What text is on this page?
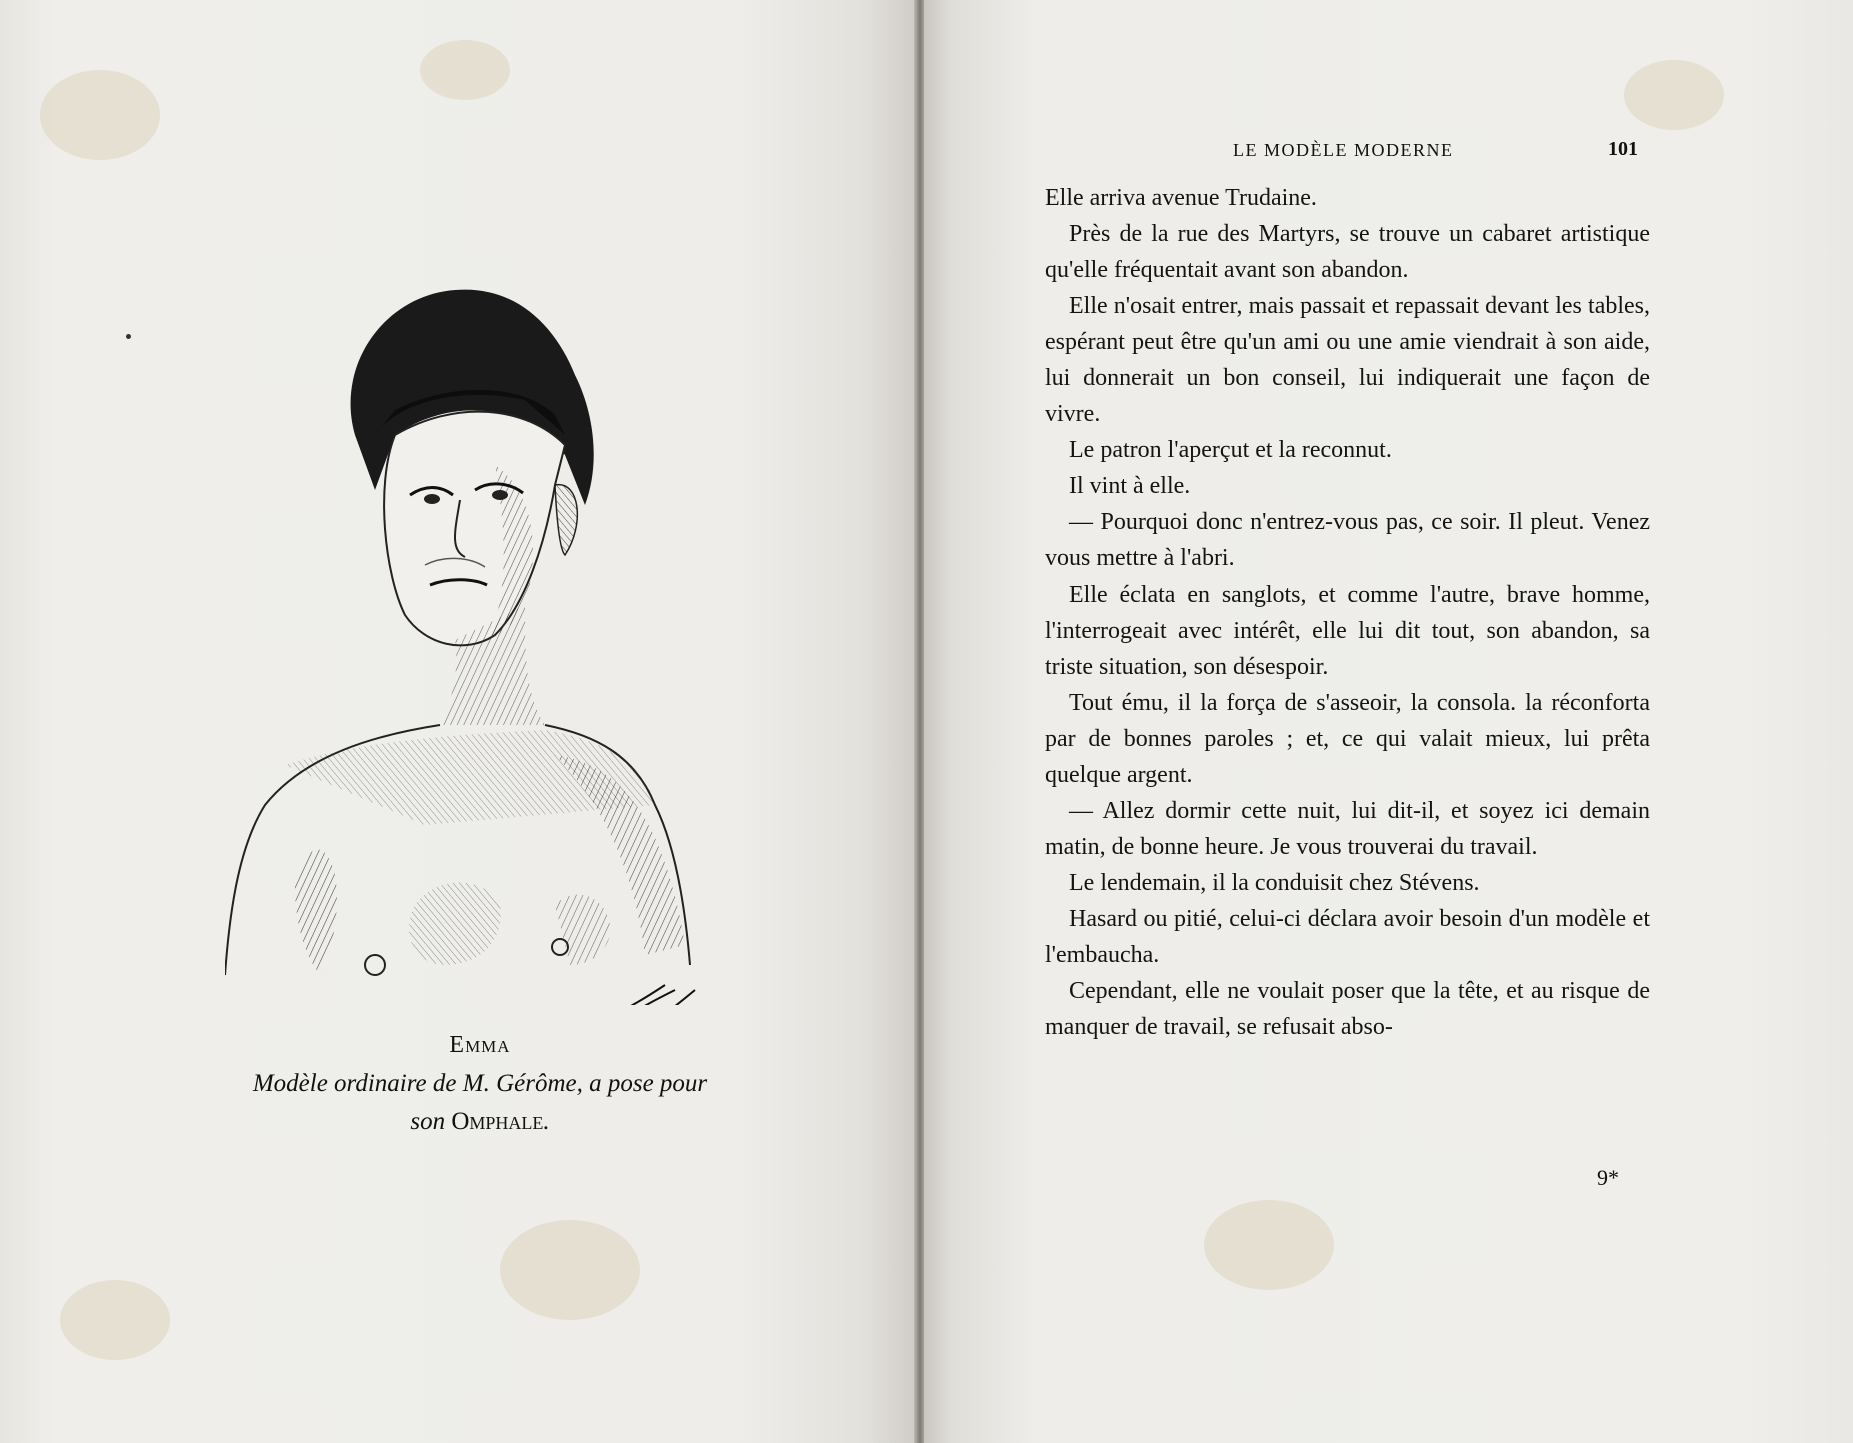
Emma
Modèle ordinaire de M. Gérôme, a pose pour
son Omphale.
LE MODÈLE MODERNE	101

Elle arriva avenue Trudaine.

Près de la rue des Martyrs, se trouve un cabaret artistique qu'elle fréquentait avant son abandon.

Elle n'osait entrer, mais passait et repassait devant les tables, espérant peut être qu'un ami ou une amie viendrait à son aide, lui donnerait un bon conseil, lui indiquerait une façon de vivre.

Le patron l'aperçut et la reconnut.

Il vint à elle.

— Pourquoi donc n'entrez-vous pas, ce soir. Il pleut. Venez vous mettre à l'abri.

Elle éclata en sanglots, et comme l'autre, brave homme, l'interrogeait avec intérêt, elle lui dit tout, son abandon, sa triste situation, son désespoir.

Tout ému, il la força de s'asseoir, la consola. la réconforta par de bonnes paroles ; et, ce qui valait mieux, lui prêta quelque argent.

— Allez dormir cette nuit, lui dit-il, et soyez ici demain matin, de bonne heure. Je vous trouverai du travail.

Le lendemain, il la conduisit chez Stévens.

Hasard ou pitié, celui-ci déclara avoir besoin d'un modèle et l'embaucha.

Cependant, elle ne voulait poser que la tête, et au risque de manquer de travail, se refusait abso-

9*
